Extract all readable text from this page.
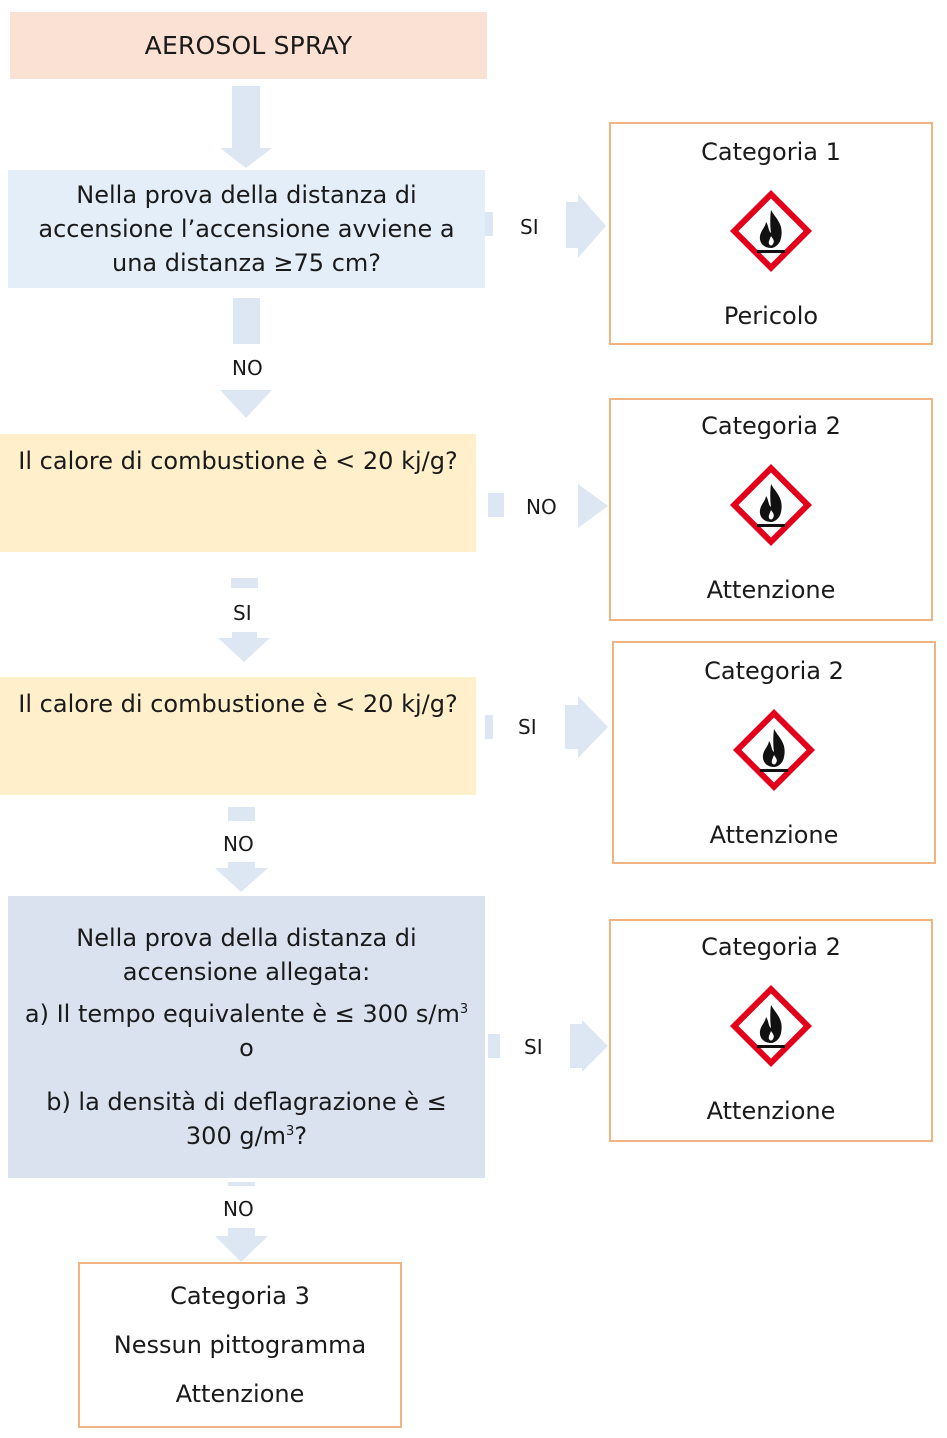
AEROSOL SPRAY
Nella prova della distanza di accensione l’accensione avviene a una distanza ≥75 cm?
Il calore di combustione è < 20 kj/g?
Il calore di combustione è < 20 kj/g?
Nella prova della distanza di accensione allegata:
a) Il tempo equivalente è ≤ 300 $s/m^3$
o
b) la densità di deflagrazione è ≤ 300 $g/m^3$?
Categoria 1
Pericolo
Categoria 2
Attenzione
Categoria 2
Attenzione
Categoria 2
Attenzione
Categoria 3
Nessun pittogramma
Attenzione
SI
NO
NO
SI
SI
NO
SI
NO
